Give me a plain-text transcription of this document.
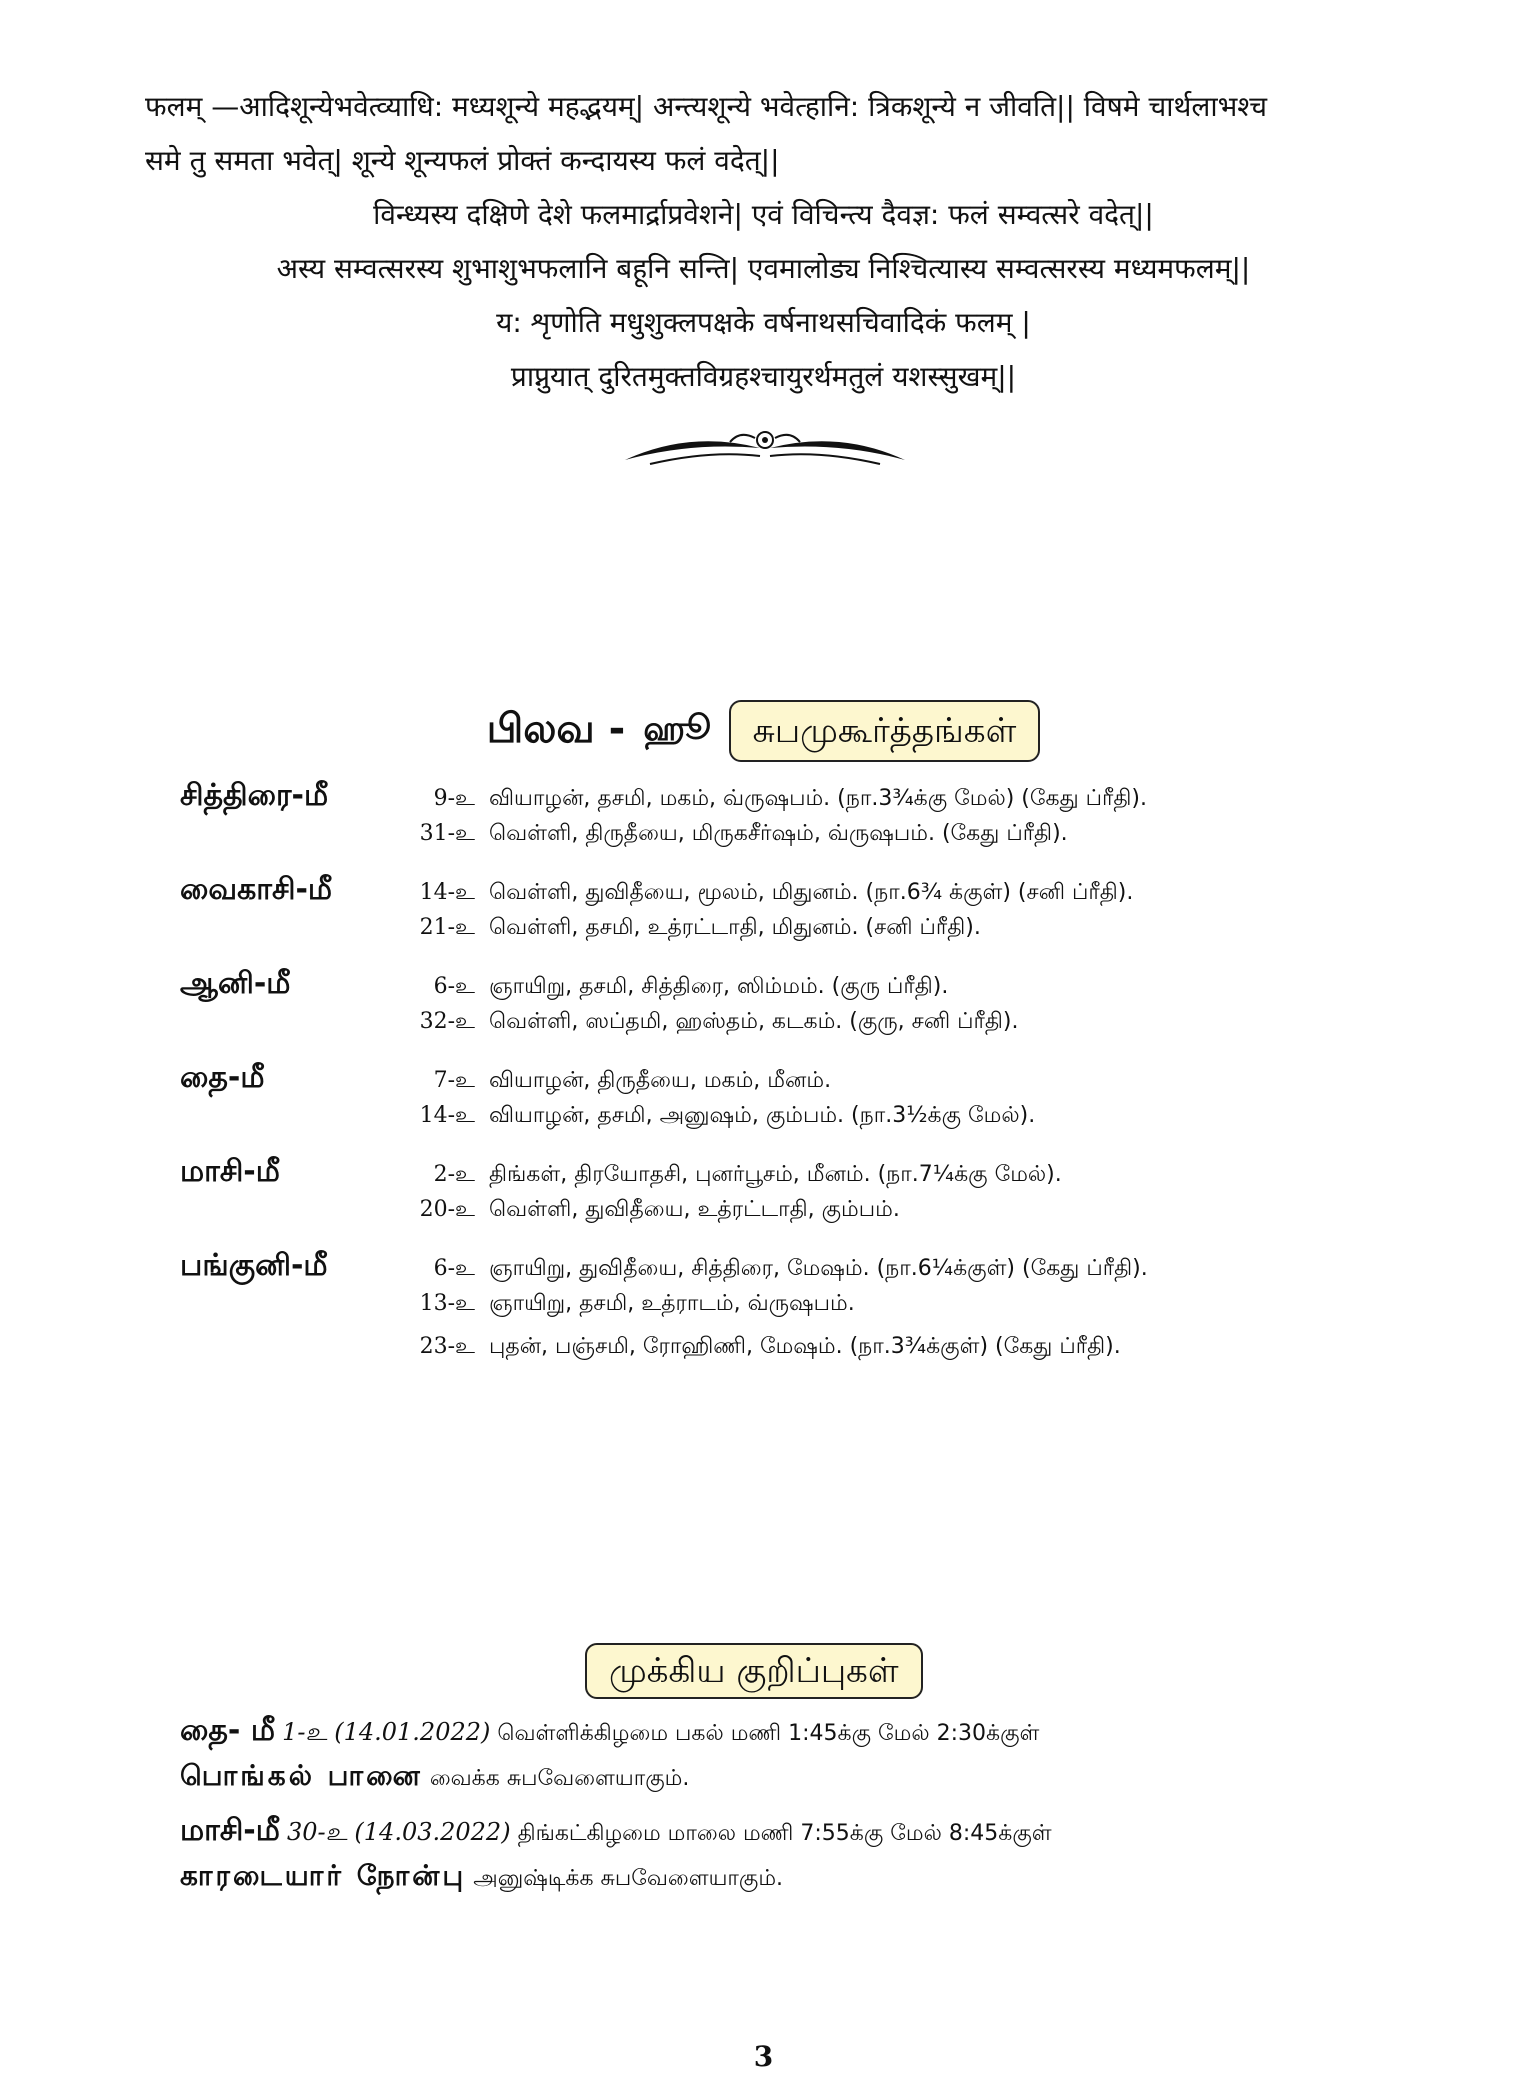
फलम् —आदिशून्येभवेत्व्याधि: मध्यशून्ये महद्भयम्| अन्त्यशून्ये भवेत्हानि: त्रिकशून्ये न जीवति|| विषमे चार्थलाभश्च
समे तु समता भवेत्| शून्ये शून्यफलं प्रोक्तं कन्दायस्य फलं वदेत्||
विन्ध्यस्य दक्षिणे देशे फलमार्द्राप्रवेशने| एवं विचिन्त्य दैवज्ञ: फलं सम्वत्सरे वदेत्||
अस्य सम्वत्सरस्य शुभाशुभफलानि बहूनि सन्ति| एवमालोड्य निश्चित्यास्य सम्वत्सरस्य मध्यमफलम्||
य: शृणोति मधुशुक्लपक्षके वर्षनाथसचिवादिकं फलम् |
प्राप्नुयात् दुरितमुक्तविग्रहश्चायुरर्थमतुलं यशस्सुखम्||
பிலவ - ஹூ	சுபமுகூர்த்தங்கள்
சித்திரை-மீ	9-உ வியாழன், தசமி, மகம், வ்ருஷபம். (நா.3¾க்கு மேல்) (கேது ப்ரீதி).
31-உ வெள்ளி, திருதீயை, மிருகசீர்ஷம், வ்ருஷபம். (கேது ப்ரீதி).
வைகாசி-மீ	14-உ வெள்ளி, துவிதீயை, மூலம், மிதுனம். (நா.6¾ க்குள்) (சனி ப்ரீதி).
21-உ வெள்ளி, தசமி, உத்ரட்டாதி, மிதுனம். (சனி ப்ரீதி).
ஆனி-மீ	6-உ ஞாயிறு, தசமி, சித்திரை, ஸிம்மம். (குரு ப்ரீதி).
32-உ வெள்ளி, ஸப்தமி, ஹஸ்தம், கடகம். (குரு, சனி ப்ரீதி).
தை-மீ	7-உ வியாழன், திருதீயை, மகம், மீனம்.
14-உ வியாழன், தசமி, அனுஷம், கும்பம். (நா.3½க்கு மேல்).
மாசி-மீ	2-உ திங்கள், திரயோதசி, புனர்பூசம், மீனம். (நா.7¼க்கு மேல்).
20-உ வெள்ளி, துவிதீயை, உத்ரட்டாதி, கும்பம்.
பங்குனி-மீ	6-உ ஞாயிறு, துவிதீயை, சித்திரை, மேஷம். (நா.6¼க்குள்) (கேது ப்ரீதி).
13-உ ஞாயிறு, தசமி, உத்ராடம், வ்ருஷபம்.
23-உ புதன், பஞ்சமி, ரோஹிணி, மேஷம். (நா.3¾க்குள்) (கேது ப்ரீதி).
முக்கிய குறிப்புகள்
தை- மீ 1-உ (14.01.2022) வெள்ளிக்கிழமை பகல் மணி 1:45க்கு மேல் 2:30க்குள்
பொங்கல் பானை வைக்க சுபவேளையாகும்.
மாசி-மீ 30-உ (14.03.2022) திங்கட்கிழமை மாலை மணி 7:55க்கு மேல் 8:45க்குள்
காரடையார் நோன்பு அனுஷ்டிக்க சுபவேளையாகும்.
3
